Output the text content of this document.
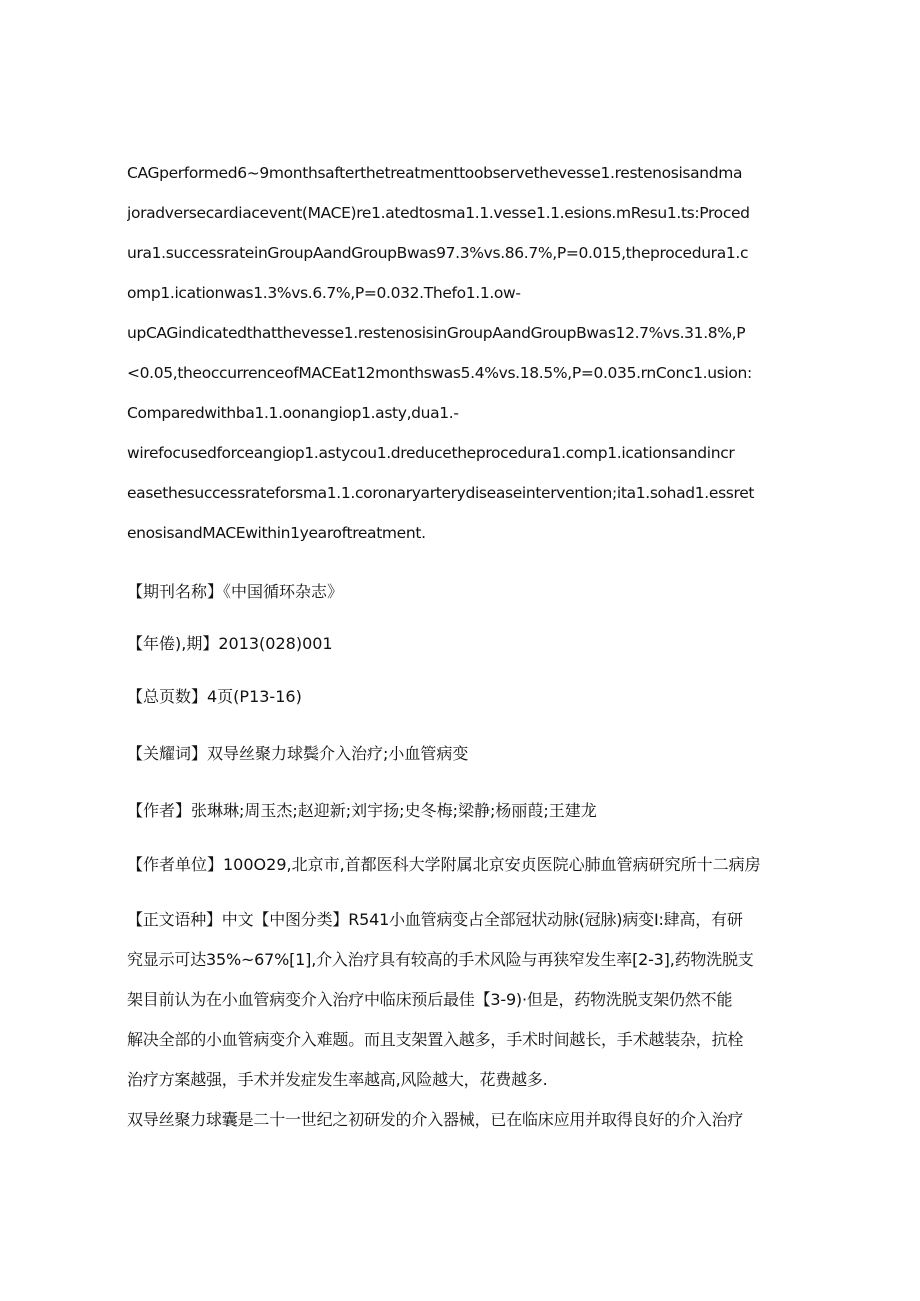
CAGperformed6~9monthsafterthetreatmenttoobservethevesse1.restenosisandma
joradversecardiacevent(MACE)re1.atedtosma1.1.vesse1.1.esions.mResu1.ts:Proced
ura1.successrateinGroupAandGroupBwas97.3%vs.86.7%,P=0.015,theprocedura1.c
omp1.icationwas1.3%vs.6.7%,P=0.032.Thefo1.1.ow-
upCAGindicatedthatthevesse1.restenosisinGroupAandGroupBwas12.7%vs.31.8%,P
<0.05,theoccurrenceofMACEat12monthswas5.4%vs.18.5%,P=0.035.rnConc1.usion:
Comparedwithba1.1.oonangiop1.asty,dua1.-
wirefocusedforceangiop1.astycou1.dreducetheprocedura1.comp1.icationsandincr
easethesuccessrateforsma1.1.coronaryarterydiseaseintervention;ita1.sohad1.essret
enosisandMACEwithin1yearoftreatment.
【期刊名称】《中国循环杂志》
【年倦),期】2013(028)001
【总页数】4页(P13-16)
【关耀词】双导丝聚力球鬓介入治疗;小血管病变
【作者】张琳琳;周玉杰;赵迎新;刘宇扬;史冬梅;梁静;杨丽葭;王建龙
【作者单位】100O29,北京市,首都医科大学附属北京安贞医院心肺血管病研究所十二病房
【正文语种】中文【中图分类】R541小血管病变占全部冠状动脉(冠脉)病变I:肆高，有研
究显示可达35%~67%[1],介入治疗具有较高的手术风险与再狭窄发生率[2-3],药物洗脱支
架目前认为在小血管病变介入治疗中临床预后最佳【3-9)·但是，药物洗脱支架仍然不能
解决全部的小血管病变介入难题。而且支架置入越多，手术时间越长，手术越装杂，抗栓
治疗方案越强，手术并发症发生率越高,风险越大，花费越多.
双导丝聚力球囊是二十一世纪之初研发的介入器械，已在临床应用并取得良好的介入治疗
